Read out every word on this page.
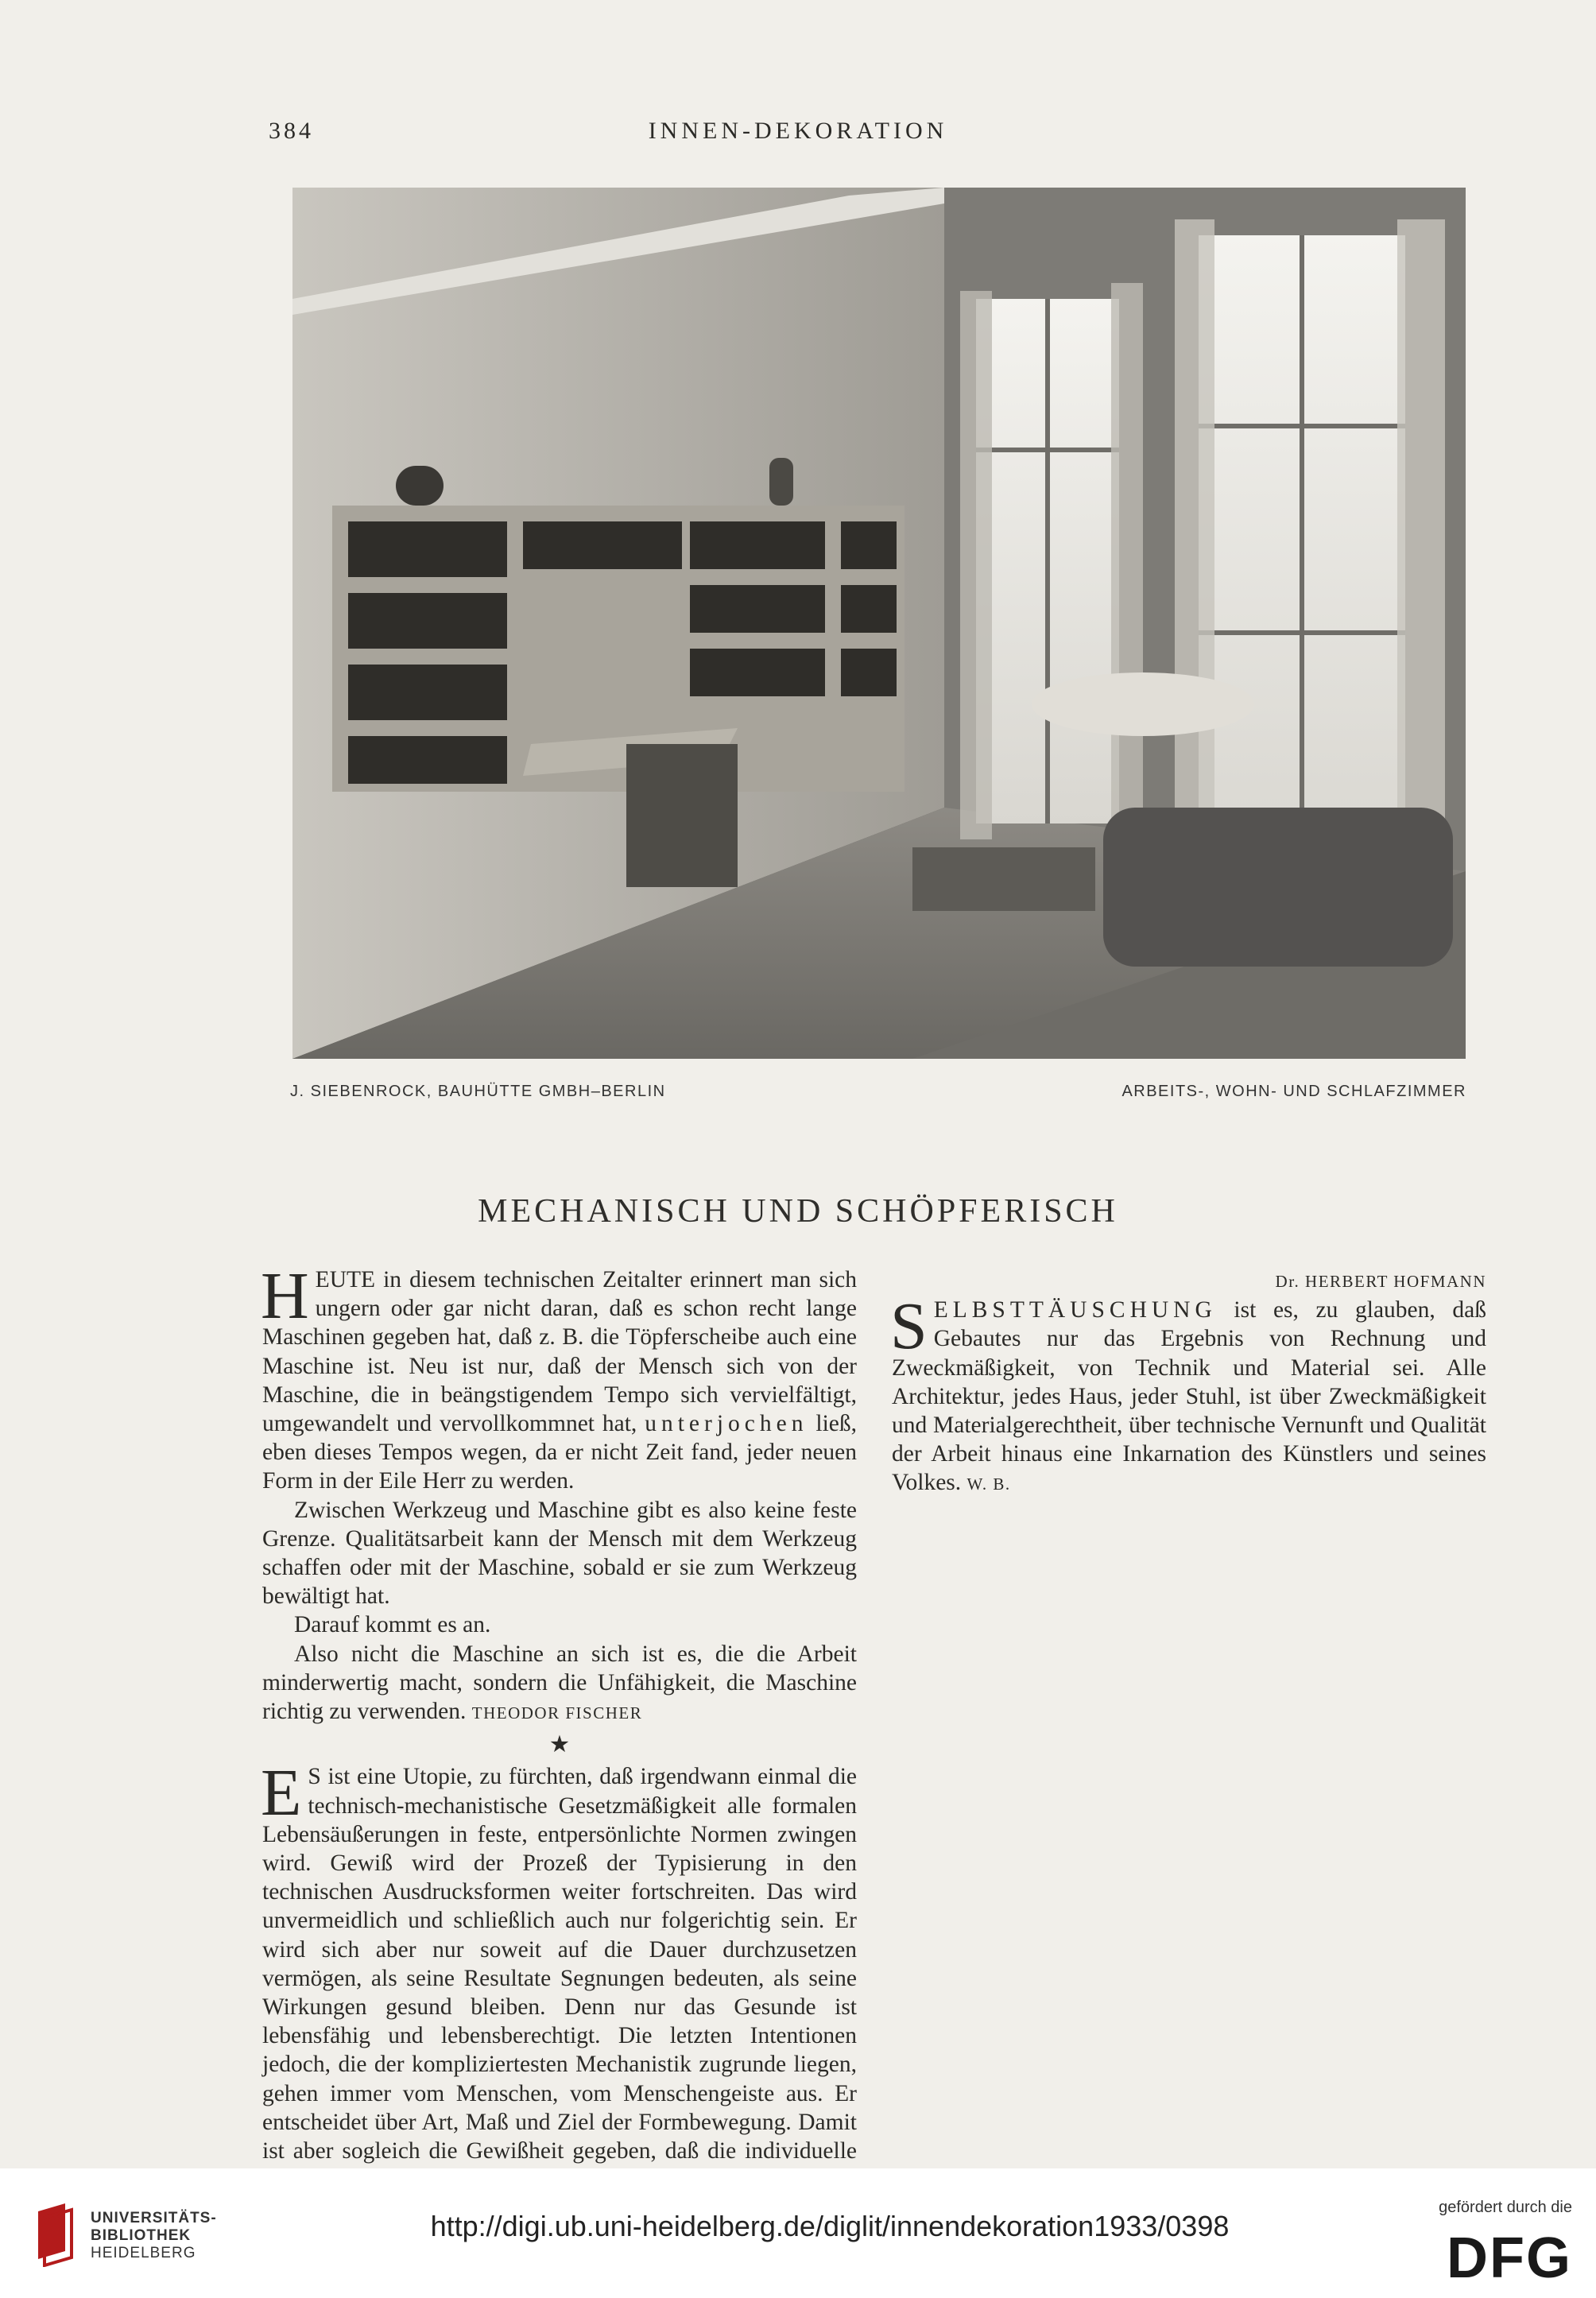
384	INNEN-DEKORATION
J. SIEBENROCK, BAUHÜTTE GMBH–BERLIN	ARBEITS-, WOHN- UND SCHLAFZIMMER
MECHANISCH UND SCHÖPFERISCH

HEUTE in diesem technischen Zeitalter erinnert man sich ungern oder gar nicht daran, daß es schon recht lange Maschinen gegeben hat, daß z. B. die Töpferscheibe auch eine Maschine ist. Neu ist nur, daß der Mensch sich von der Maschine, die in beängstigendem Tempo sich vervielfältigt, umgewandelt und vervollkommnet hat, unterjochen ließ, eben dieses Tempos wegen, da er nicht Zeit fand, jeder neuen Form in der Eile Herr zu werden.

Zwischen Werkzeug und Maschine gibt es also keine feste Grenze. Qualitätsarbeit kann der Mensch mit dem Werkzeug schaffen oder mit der Maschine, sobald er sie zum Werkzeug bewältigt hat.

Darauf kommt es an.

Also nicht die Maschine an sich ist es, die die Arbeit minderwertig macht, sondern die Unfähigkeit, die Maschine richtig zu verwenden. THEODOR FISCHER

★

E S ist eine Utopie, zu fürchten, daß irgendwann einmal die technisch-mechanistische Gesetzmäßigkeit alle formalen Lebensäußerungen in feste, entpersönlichte Normen zwingen wird. Gewiß wird der Prozeß der Typisierung in den technischen Ausdrucksformen weiter fortschreiten. Das wird unvermeidlich und schließlich auch nur folgerichtig sein. Er wird sich aber nur soweit auf die Dauer durchzusetzen vermögen, als seine Resultate Segnungen bedeuten, als seine Wirkungen gesund bleiben. Denn nur das Gesunde ist lebensfähig und lebensberechtigt. Die letzten Intentionen jedoch, die der kompliziertesten Mechanistik zugrunde liegen, gehen immer vom Menschen, vom Menschengeiste aus. Er entscheidet über Art, Maß und Ziel der Formbewegung. Damit ist aber sogleich die Gewißheit gegeben, daß die individuelle

Dr. HERBERT HOFMANN

SELBSTTÄUSCHUNG ist es, zu glauben, daß Gebautes nur das Ergebnis von Rechnung und Zweckmäßigkeit, von Technik und Material sei. Alle Architektur, jedes Haus, jeder Stuhl, ist über Zweckmäßigkeit und Materialgerechtheit, über technische Vernunft und Qualität der Arbeit hinaus eine Inkarnation des Künstlers und seines Volkes. W. B.

UNIVERSITÄTS-
BIBLIOTHEK
HEIDELBERG
http://digi.ub.uni-heidelberg.de/diglit/innendekoration1933/0398
gefördert durch die
DFG
